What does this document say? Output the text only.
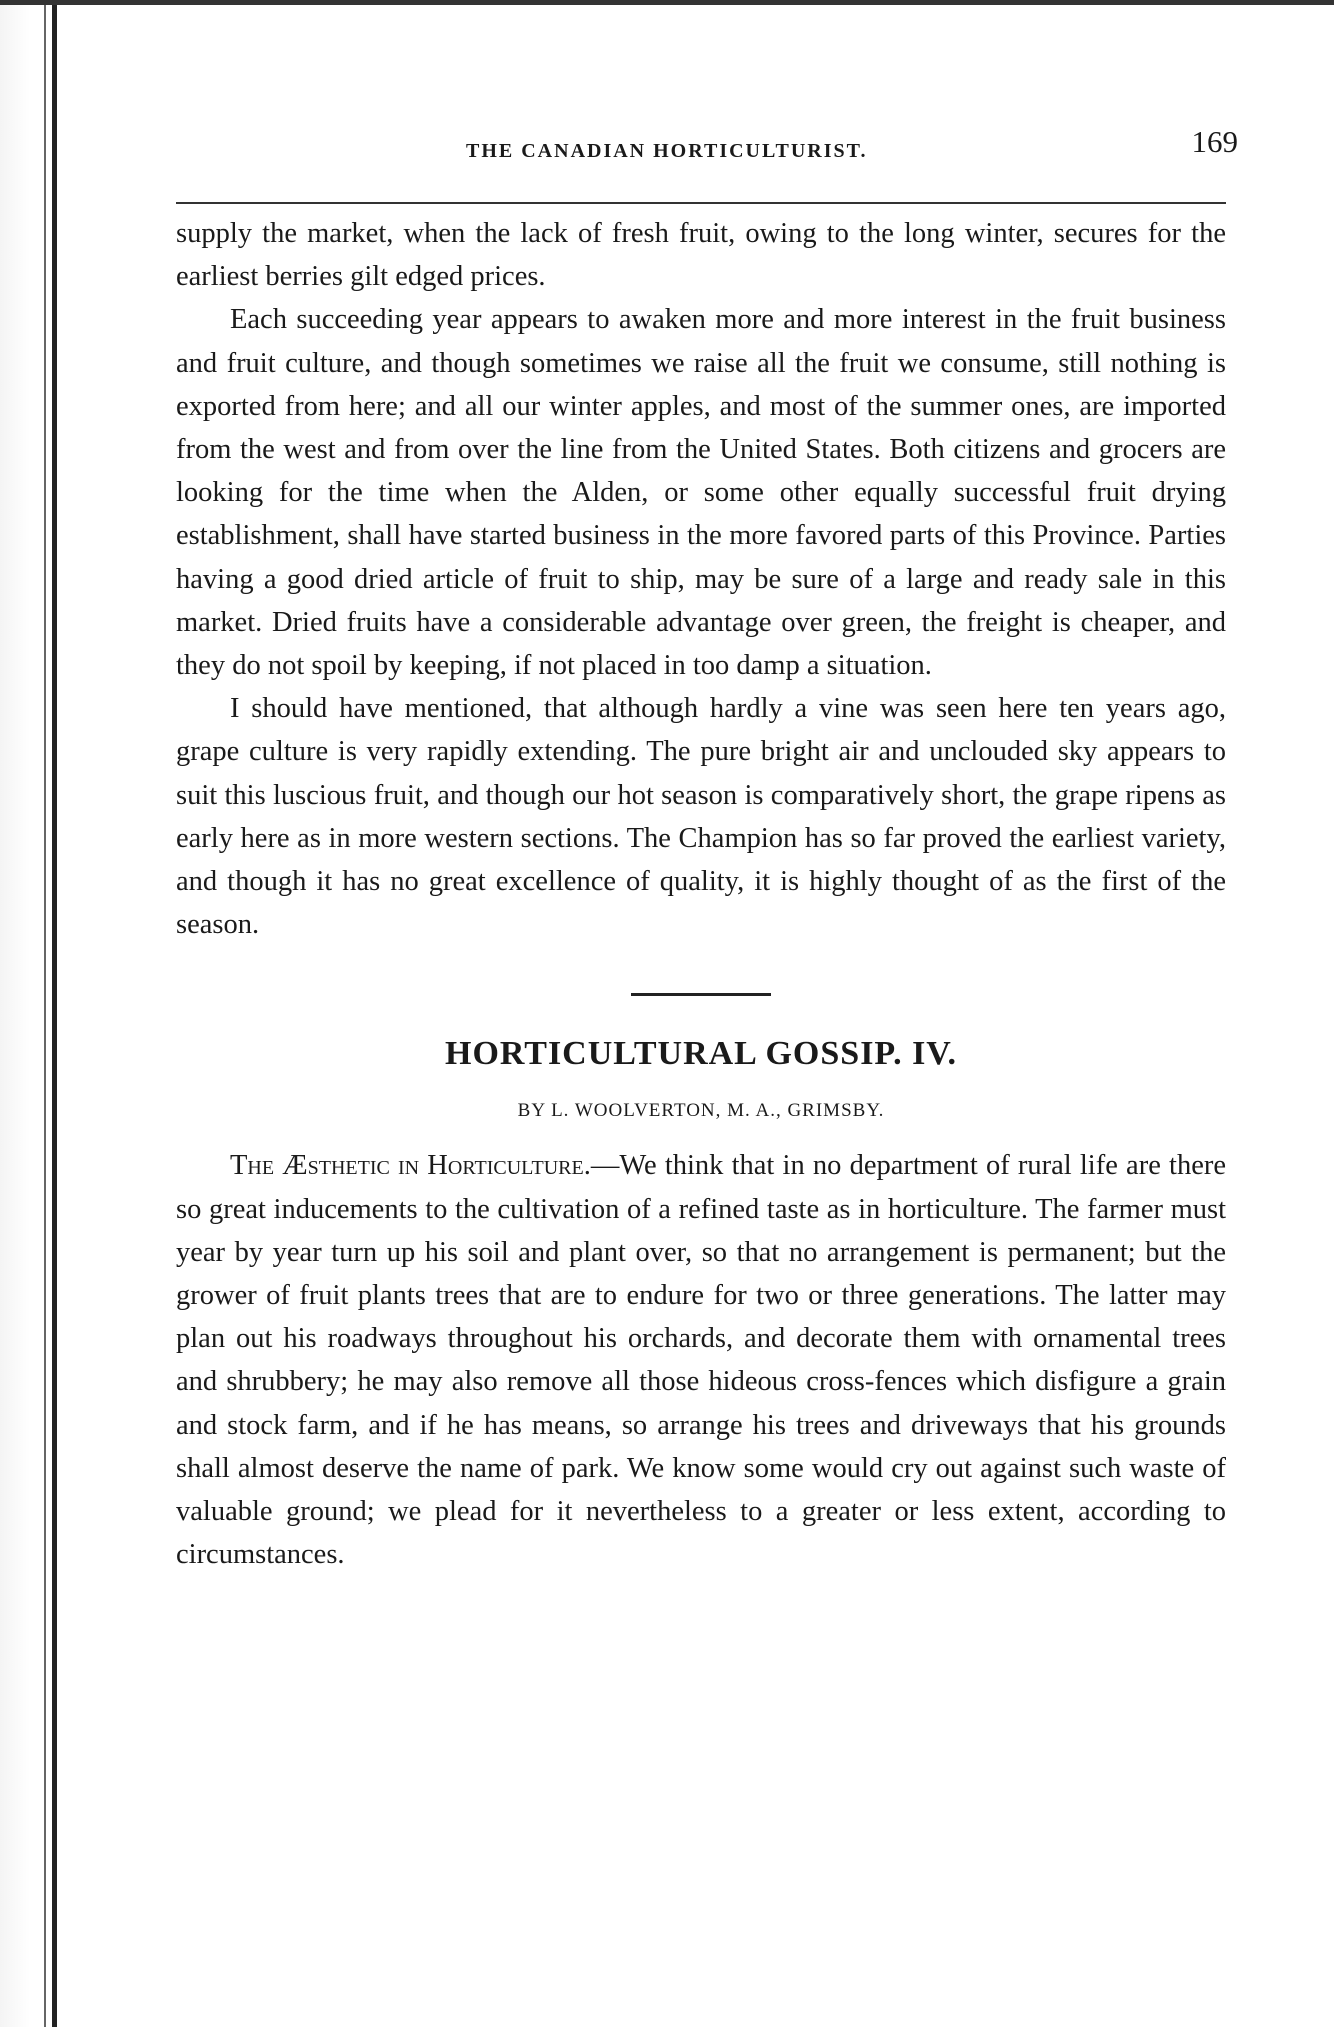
THE CANADIAN HORTICULTURIST.	169

supply the market, when the lack of fresh fruit, owing to the long winter, secures for the earliest berries gilt edged prices.

Each succeeding year appears to awaken more and more interest in the fruit business and fruit culture, and though sometimes we raise all the fruit we consume, still nothing is exported from here; and all our winter apples, and most of the summer ones, are imported from the west and from over the line from the United States. Both citizens and grocers are looking for the time when the Alden, or some other equally successful fruit drying establishment, shall have started business in the more favored parts of this Province. Parties having a good dried article of fruit to ship, may be sure of a large and ready sale in this market. Dried fruits have a considerable advantage over green, the freight is cheaper, and they do not spoil by keeping, if not placed in too damp a situation.

I should have mentioned, that although hardly a vine was seen here ten years ago, grape culture is very rapidly extending. The pure bright air and unclouded sky appears to suit this luscious fruit, and though our hot season is comparatively short, the grape ripens as early here as in more western sections. The Champion has so far proved the earliest variety, and though it has no great excellence of quality, it is highly thought of as the first of the season.

HORTICULTURAL GOSSIP. IV.
BY L. WOOLVERTON, M. A., GRIMSBY.

The Æsthetic in Horticulture.—We think that in no department of rural life are there so great inducements to the cultivation of a refined taste as in horticulture. The farmer must year by year turn up his soil and plant over, so that no arrangement is permanent; but the grower of fruit plants trees that are to endure for two or three generations. The latter may plan out his roadways throughout his orchards, and decorate them with ornamental trees and shrubbery; he may also remove all those hideous cross-fences which disfigure a grain and stock farm, and if he has means, so arrange his trees and driveways that his grounds shall almost deserve the name of park. We know some would cry out against such waste of valuable ground; we plead for it nevertheless to a greater or less extent, according to circumstances.
